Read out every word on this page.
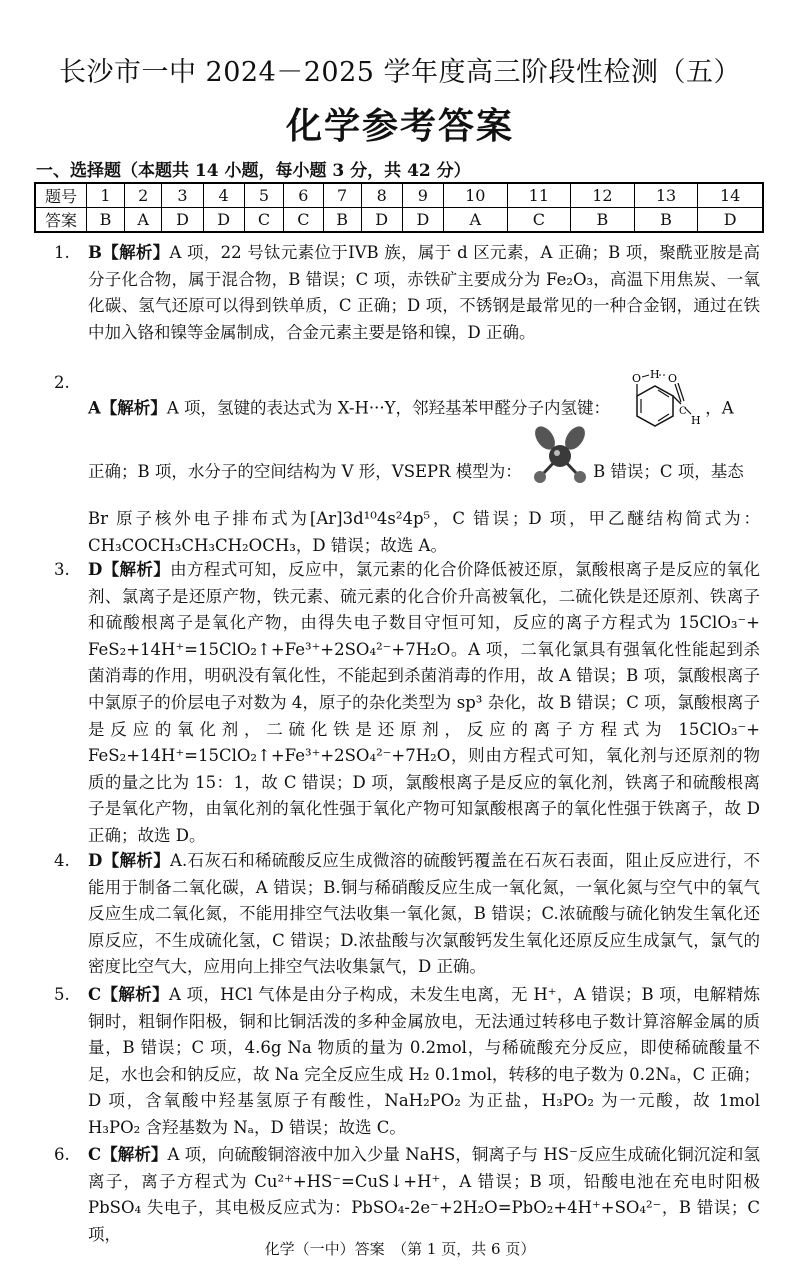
长沙市一中 2024－2025 学年度高三阶段性检测（五）
化学参考答案
一、选择题（本题共 14 小题，每小题 3 分，共 42 分）
题号	1	2	3	4	5	6	7	8	9	10	11	12	13	14
答案	B	A	D	D	C	C	B	D	D	A	C	B	B	D
1.	B【解析】A 项，22 号钛元素位于IVB 族，属于 d 区元素，A 正确；B 项，聚酰亚胺是高分子化合物，属于混合物，B 错误；C 项，赤铁矿主要成分为 Fe₂O₃，高温下用焦炭、一氧化碳、氢气还原可以得到铁单质，C 正确；D 项，不锈钢是最常见的一种合金钢，通过在铁中加入铬和镍等金属制成，合金元素主要是铬和镍，D 正确。
2.
A【解析】A 项，氢键的表达式为 X-H···Y，邻羟基苯甲醛分子内氢键：
O H O
C
H
，A
正确；B 项，水分子的空间结构为 V 形，VSEPR 模型为：	B 错误；C 项，基态
Br 原子核外电子排布式为[Ar]3d¹⁰4s²4p⁵，C 错误；D 项，甲乙醚结构简式为：CH₃COCH₃CH₃CH₂OCH₃，D 错误；故选 A。
3.	D【解析】由方程式可知，反应中，氯元素的化合价降低被还原，氯酸根离子是反应的氧化剂、氯离子是还原产物，铁元素、硫元素的化合价升高被氧化，二硫化铁是还原剂、铁离子和硫酸根离子是氧化产物，由得失电子数目守恒可知，反应的离子方程式为 15ClO₃⁻+ FeS₂+14H⁺=15ClO₂↑+Fe³⁺+2SO₄²⁻+7H₂O。A 项，二氧化氯具有强氧化性能起到杀菌消毒的作用，明矾没有氧化性，不能起到杀菌消毒的作用，故 A 错误；B 项，氯酸根离子中氯原子的价层电子对数为 4，原子的杂化类型为 sp³ 杂化，故 B 错误；C 项，氯酸根离子是反应的氧化剂，二硫化铁是还原剂，反应的离子方程式为 15ClO₃⁻+ FeS₂+14H⁺=15ClO₂↑+Fe³⁺+2SO₄²⁻+7H₂O，则由方程式可知，氧化剂与还原剂的物质的量之比为 15：1，故 C 错误；D 项，氯酸根离子是反应的氧化剂，铁离子和硫酸根离子是氧化产物，由氧化剂的氧化性强于氧化产物可知氯酸根离子的氧化性强于铁离子，故 D 正确；故选 D。
4.	D【解析】A.石灰石和稀硫酸反应生成微溶的硫酸钙覆盖在石灰石表面，阻止反应进行，不能用于制备二氧化碳，A 错误；B.铜与稀硝酸反应生成一氧化氮，一氧化氮与空气中的氧气反应生成二氧化氮，不能用排空气法收集一氧化氮，B 错误；C.浓硫酸与硫化钠发生氧化还原反应，不生成硫化氢，C 错误；D.浓盐酸与次氯酸钙发生氧化还原反应生成氯气，氯气的密度比空气大，应用向上排空气法收集氯气，D 正确。
5.	C【解析】A 项，HCl 气体是由分子构成，未发生电离，无 H⁺，A 错误；B 项，电解精炼铜时，粗铜作阳极，铜和比铜活泼的多种金属放电，无法通过转移电子数计算溶解金属的质量，B 错误；C 项，4.6g Na 物质的量为 0.2mol，与稀硫酸充分反应，即使稀硫酸量不足，水也会和钠反应，故 Na 完全反应生成 H₂ 0.1mol，转移的电子数为 0.2Nₐ，C 正确；D 项，含氧酸中羟基氢原子有酸性，NaH₂PO₂ 为正盐，H₃PO₂ 为一元酸，故 1mol H₃PO₂ 含羟基数为 Nₐ，D 错误；故选 C。
6.	C【解析】A 项，向硫酸铜溶液中加入少量 NaHS，铜离子与 HS⁻反应生成硫化铜沉淀和氢离子，离子方程式为 Cu²⁺+HS⁻=CuS↓+H⁺，A 错误；B 项，铅酸电池在充电时阳极 PbSO₄ 失电子，其电极反应式为：PbSO₄-2e⁻+2H₂O=PbO₂+4H⁺+SO₄²⁻，B 错误；C 项，
化学（一中）答案　（第 1 页，共 6 页）
